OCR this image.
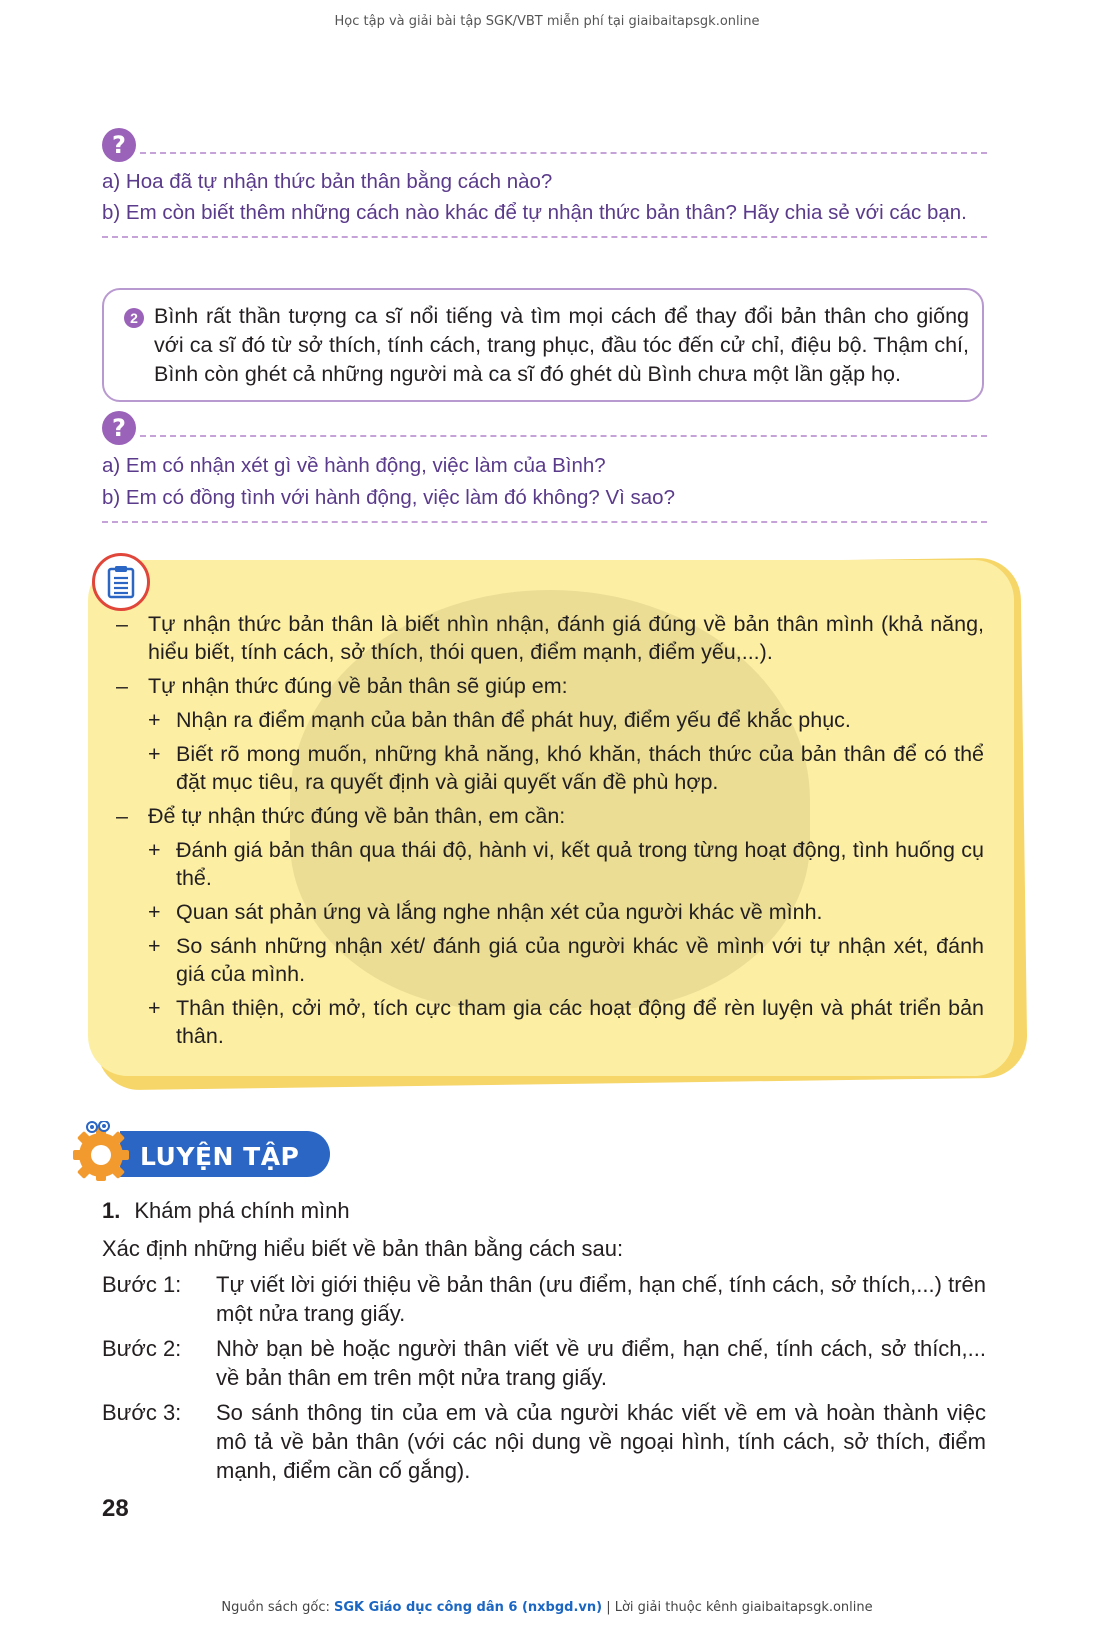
Học tập và giải bài tập SGK/VBT miễn phí tại giaibaitapsgk.online
?
a) Hoa đã tự nhận thức bản thân bằng cách nào?
b) Em còn biết thêm những cách nào khác để tự nhận thức bản thân? Hãy chia sẻ với các bạn.
2 Bình rất thần tượng ca sĩ nổi tiếng và tìm mọi cách để thay đổi bản thân cho giống với ca sĩ đó từ sở thích, tính cách, trang phục, đầu tóc đến cử chỉ, điệu bộ. Thậm chí, Bình còn ghét cả những người mà ca sĩ đó ghét dù Bình chưa một lần gặp họ.
?
a) Em có nhận xét gì về hành động, việc làm của Bình?
b) Em có đồng tình với hành động, việc làm đó không? Vì sao?
– Tự nhận thức bản thân là biết nhìn nhận, đánh giá đúng về bản thân mình (khả năng, hiểu biết, tính cách, sở thích, thói quen, điểm mạnh, điểm yếu,...).
– Tự nhận thức đúng về bản thân sẽ giúp em:
+ Nhận ra điểm mạnh của bản thân để phát huy, điểm yếu để khắc phục.
+ Biết rõ mong muốn, những khả năng, khó khăn, thách thức của bản thân để có thể đặt mục tiêu, ra quyết định và giải quyết vấn đề phù hợp.
– Để tự nhận thức đúng về bản thân, em cần:
+ Đánh giá bản thân qua thái độ, hành vi, kết quả trong từng hoạt động, tình huống cụ thể.
+ Quan sát phản ứng và lắng nghe nhận xét của người khác về mình.
+ So sánh những nhận xét/ đánh giá của người khác về mình với tự nhận xét, đánh giá của mình.
+ Thân thiện, cởi mở, tích cực tham gia các hoạt động để rèn luyện và phát triển bản thân.
LUYỆN TẬP
1. Khám phá chính mình
Xác định những hiểu biết về bản thân bằng cách sau:
Bước 1: Tự viết lời giới thiệu về bản thân (ưu điểm, hạn chế, tính cách, sở thích,...) trên một nửa trang giấy.
Bước 2: Nhờ bạn bè hoặc người thân viết về ưu điểm, hạn chế, tính cách, sở thích,... về bản thân em trên một nửa trang giấy.
Bước 3: So sánh thông tin của em và của người khác viết về em và hoàn thành việc mô tả về bản thân (với các nội dung về ngoại hình, tính cách, sở thích, điểm mạnh, điểm cần cố gắng).
28
Nguồn sách gốc: SGK Giáo dục công dân 6 (nxbgd.vn) | Lời giải thuộc kênh giaibaitapsgk.online
